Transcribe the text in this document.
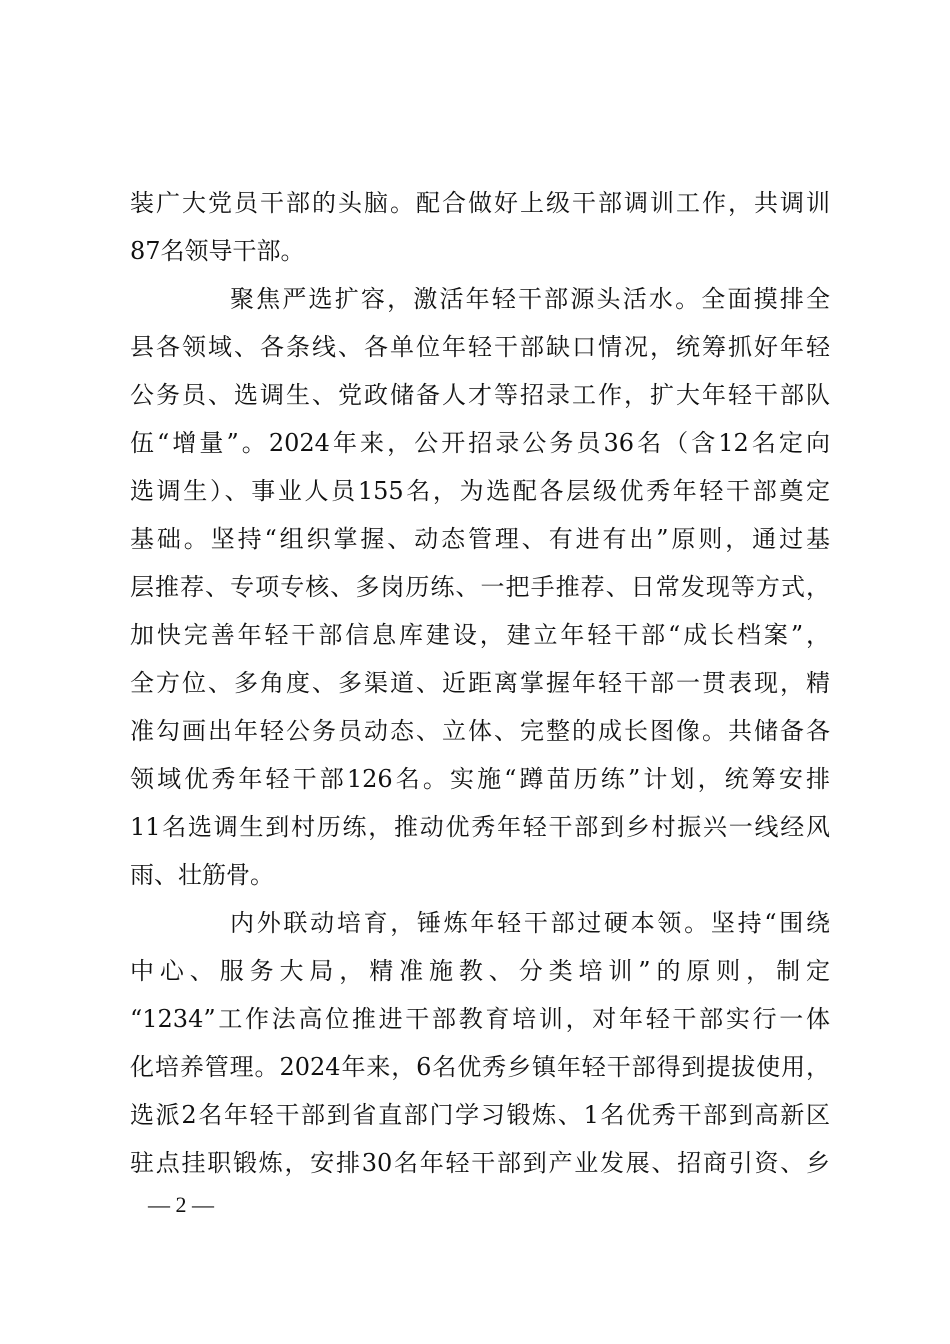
装广大党员干部的头脑。配合做好上级干部调训工作，共调训
87名领导干部。
聚焦严选扩容，激活年轻干部源头活水。全面摸排全
县各领域、各条线、各单位年轻干部缺口情况，统筹抓好年轻
公务员、选调生、党政储备人才等招录工作，扩大年轻干部队
伍“增量”。2024年来，公开招录公务员36名（含12名定向
选调生）、事业人员155名，为选配各层级优秀年轻干部奠定
基础。坚持“组织掌握、动态管理、有进有出”原则，通过基
层推荐、专项专核、多岗历练、一把手推荐、日常发现等方式，
加快完善年轻干部信息库建设，建立年轻干部“成长档案”，
全方位、多角度、多渠道、近距离掌握年轻干部一贯表现，精
准勾画出年轻公务员动态、立体、完整的成长图像。共储备各
领域优秀年轻干部126名。实施“蹲苗历练”计划，统筹安排
11名选调生到村历练，推动优秀年轻干部到乡村振兴一线经风
雨、壮筋骨。
内外联动培育，锤炼年轻干部过硬本领。坚持“围绕
中心、服务大局，精准施教、分类培训”的原则，制定
“1234”工作法高位推进干部教育培训，对年轻干部实行一体
化培养管理。2024年来，6名优秀乡镇年轻干部得到提拔使用，
选派2名年轻干部到省直部门学习锻炼、1名优秀干部到高新区
驻点挂职锻炼，安排30名年轻干部到产业发展、招商引资、乡
— 2 —
